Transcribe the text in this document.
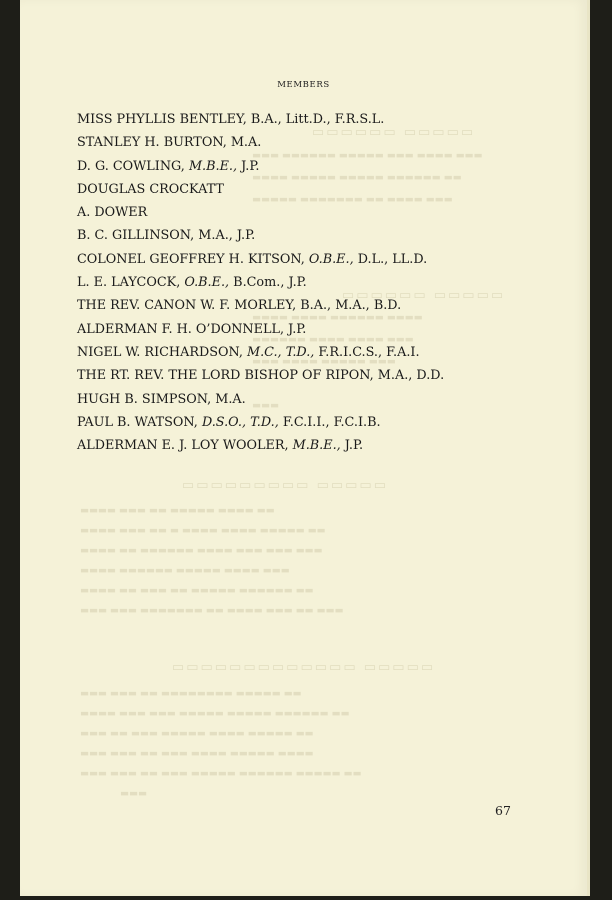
▭▭▭▭▭ ▭▭▭▭▭▭
▬▬▬ ▬▬▬▬ ▬▬▬ ▬▬▬▬▬ ▬▬▬▬▬▬ ▬▬▬
▬▬ ▬▬▬▬▬▬ ▬▬▬▬▬ ▬▬▬▬▬ ▬▬▬▬
▬▬▬ ▬▬▬▬ ▬▬ ▬▬▬▬▬▬▬ ▬▬▬▬▬
▭▭▭▭▭ ▭▭▭▭▭▭
▬▬▬▬ ▬▬▬▬▬▬ ▬▬▬▬ ▬▬▬▬
▬▬▬ ▬▬▬▬ ▬▬▬▬ ▬▬▬▬▬▬
▬▬▬ ▬▬▬▬▬ ▬▬▬▬ ▬▬▬
▬▬▬
▭▭▭▭▭ ▭▭▭▭▭▭▭▭▭
▬▬ ▬▬▬▬ ▬▬▬▬▬ ▬▬ ▬▬▬ ▬▬▬▬
▬▬ ▬▬▬▬▬ ▬▬▬▬ ▬▬▬▬ ▬ ▬▬ ▬▬▬ ▬▬▬▬
▬▬▬ ▬▬▬ ▬▬▬ ▬▬▬▬ ▬▬▬▬▬▬ ▬▬ ▬▬▬▬
▬▬▬ ▬▬▬▬ ▬▬▬▬▬ ▬▬▬▬▬▬ ▬▬▬▬
▬▬ ▬▬▬▬▬▬ ▬▬▬▬▬ ▬▬ ▬▬▬ ▬▬ ▬▬▬▬
▬▬▬ ▬▬ ▬▬▬ ▬▬▬▬ ▬▬ ▬▬▬▬▬▬▬ ▬▬▬ ▬▬▬
▭▭▭▭▭ ▭▭▭▭▭▭▭▭▭▭▭▭▭
▬▬ ▬▬▬▬▬ ▬▬▬▬▬▬▬▬ ▬▬ ▬▬▬ ▬▬▬
▬▬ ▬▬▬▬▬▬ ▬▬▬▬▬ ▬▬▬▬▬ ▬▬▬ ▬▬▬ ▬▬▬▬
▬▬ ▬▬▬▬▬ ▬▬▬▬ ▬▬▬▬▬ ▬▬▬ ▬▬ ▬▬▬
▬▬▬▬ ▬▬▬▬▬ ▬▬▬▬ ▬▬▬ ▬▬ ▬▬▬ ▬▬▬
▬▬ ▬▬▬▬▬ ▬▬▬▬▬▬ ▬▬▬▬▬ ▬▬▬ ▬▬ ▬▬▬ ▬▬▬
▬▬▬
MEMBERS
MISS PHYLLIS BENTLEY, B.A., Litt.D., F.R.S.L.
STANLEY H. BURTON, M.A.
D. G. COWLING, M.B.E., J.P.
DOUGLAS CROCKATT
A. DOWER
B. C. GILLINSON, M.A., J.P.
COLONEL GEOFFREY H. KITSON, O.B.E., D.L., LL.D.
L. E. LAYCOCK, O.B.E., B.Com., J.P.
THE REV. CANON W. F. MORLEY, B.A., M.A., B.D.
ALDERMAN F. H. O’DONNELL, J.P.
NIGEL W. RICHARDSON, M.C., T.D., F.R.I.C.S., F.A.I.
THE RT. REV. THE LORD BISHOP OF RIPON, M.A., D.D.
HUGH B. SIMPSON, M.A.
PAUL B. WATSON, D.S.O., T.D., F.C.I.I., F.C.I.B.
ALDERMAN E. J. LOY WOOLER, M.B.E., J.P.
67
